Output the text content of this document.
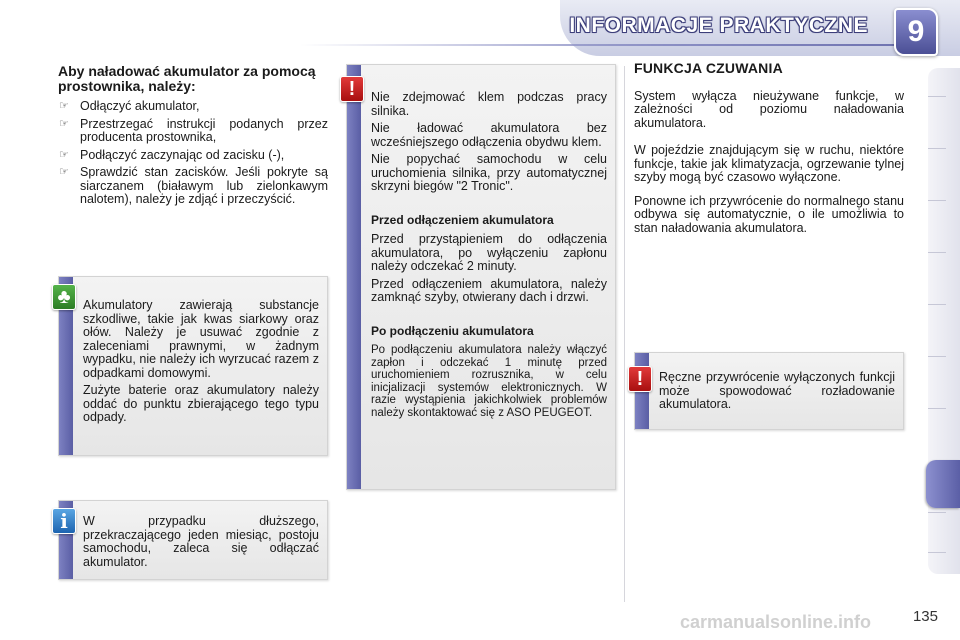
INFORMACJE PRAKTYCZNE	9
Aby naładować akumulator za pomocą prostownika, należy:
☞ Odłączyć akumulator,
☞ Przestrzegać instrukcji podanych przez producenta prostownika,
☞ Podłączyć zaczynając od zacisku (-),
☞ Sprawdzić stan zacisków. Jeśli pokryte są siarczanem (białawym lub zielonkawym nalotem), należy je zdjąć i przeczyścić.

Akumulatory zawierają substancje szkodliwe, takie jak kwas siarkowy oraz ołów. Należy je usuwać zgodnie z zaleceniami prawnymi, w żadnym wypadku, nie należy ich wyrzucać razem z odpadkami domowymi.

Zużyte baterie oraz akumulatory należy oddać do punktu zbierającego tego typu odpady.

♣

W przypadku dłuższego, przekraczającego jeden miesiąc, postoju samochodu, zaleca się odłączać akumulator.

i

Nie zdejmować klem podczas pracy silnika.

Nie ładować akumulatora bez wcześniejszego odłączenia obydwu klem.

Nie popychać samochodu w celu uruchomienia silnika, przy automatycznej skrzyni biegów "2 Tronic".

Przed odłączeniem akumulatora

Przed przystąpieniem do odłączenia akumulatora, po wyłączeniu zapłonu należy odczekać 2 minuty.

Przed odłączeniem akumulatora, należy zamknąć szyby, otwierany dach i drzwi.

Po podłączeniu akumulatora

Po podłączeniu akumulatora należy włączyć zapłon i odczekać 1 minutę przed uruchomieniem rozrusznika, w celu inicjalizacji systemów elektronicznych. W razie wystąpienia jakichkolwiek problemów należy skontaktować się z ASO PEUGEOT.

!
FUNKCJA CZUWANIA

System wyłącza nieużywane funkcje, w zależności od poziomu naładowania akumulatora.

W pojeździe znajdującym się w ruchu, niektóre funkcje, takie jak klimatyzacja, ogrzewanie tylnej szyby mogą być czasowo wyłączone.

Ponowne ich przywrócenie do normalnego stanu odbywa się automatycznie, o ile umożliwia to stan naładowania akumulatora.

Ręczne przywrócenie wyłączonych funkcji może spowodować rozładowanie akumulatora.

!
135
carmanualsonline.info
